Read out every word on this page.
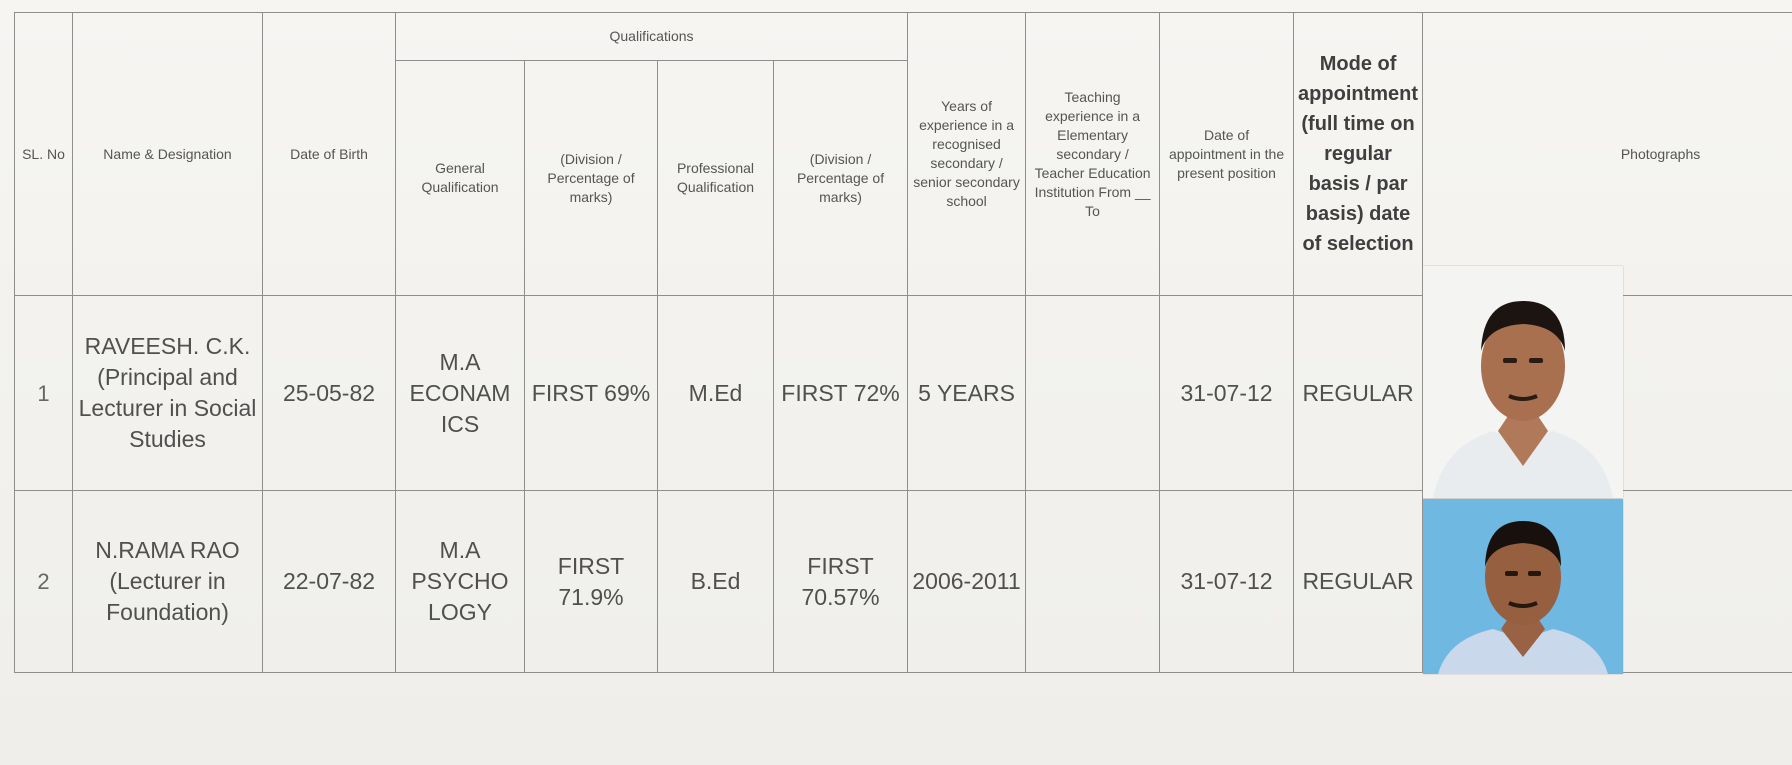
SL. No	Name & Designation	Date of Birth	Qualifications				Years of experience in a recognised secondary / senior secondary school	Teaching experience in a Elementary secondary / Teacher Education Institution From __ To	Date of appointment in the present position	Mode of appointment (full time on regular basis / par basis) date of selection	Photographs
			General Qualification	(Division / Percentage of marks)	Professional Qualification	(Division / Percentage of marks)					
1	RAVEESH. C.K. (Principal and Lecturer in Social Studies	25-05-82	M.A ECONAM ICS	FIRST 69%	M.Ed	FIRST 72%	5 YEARS		31-07-12	REGULAR	

2	N.RAMA RAO (Lecturer in Foundation)	22-07-82	M.A PSYCHO LOGY	FIRST 71.9%	B.Ed	FIRST 70.57%	2006-2011		31-07-12	REGULAR	
